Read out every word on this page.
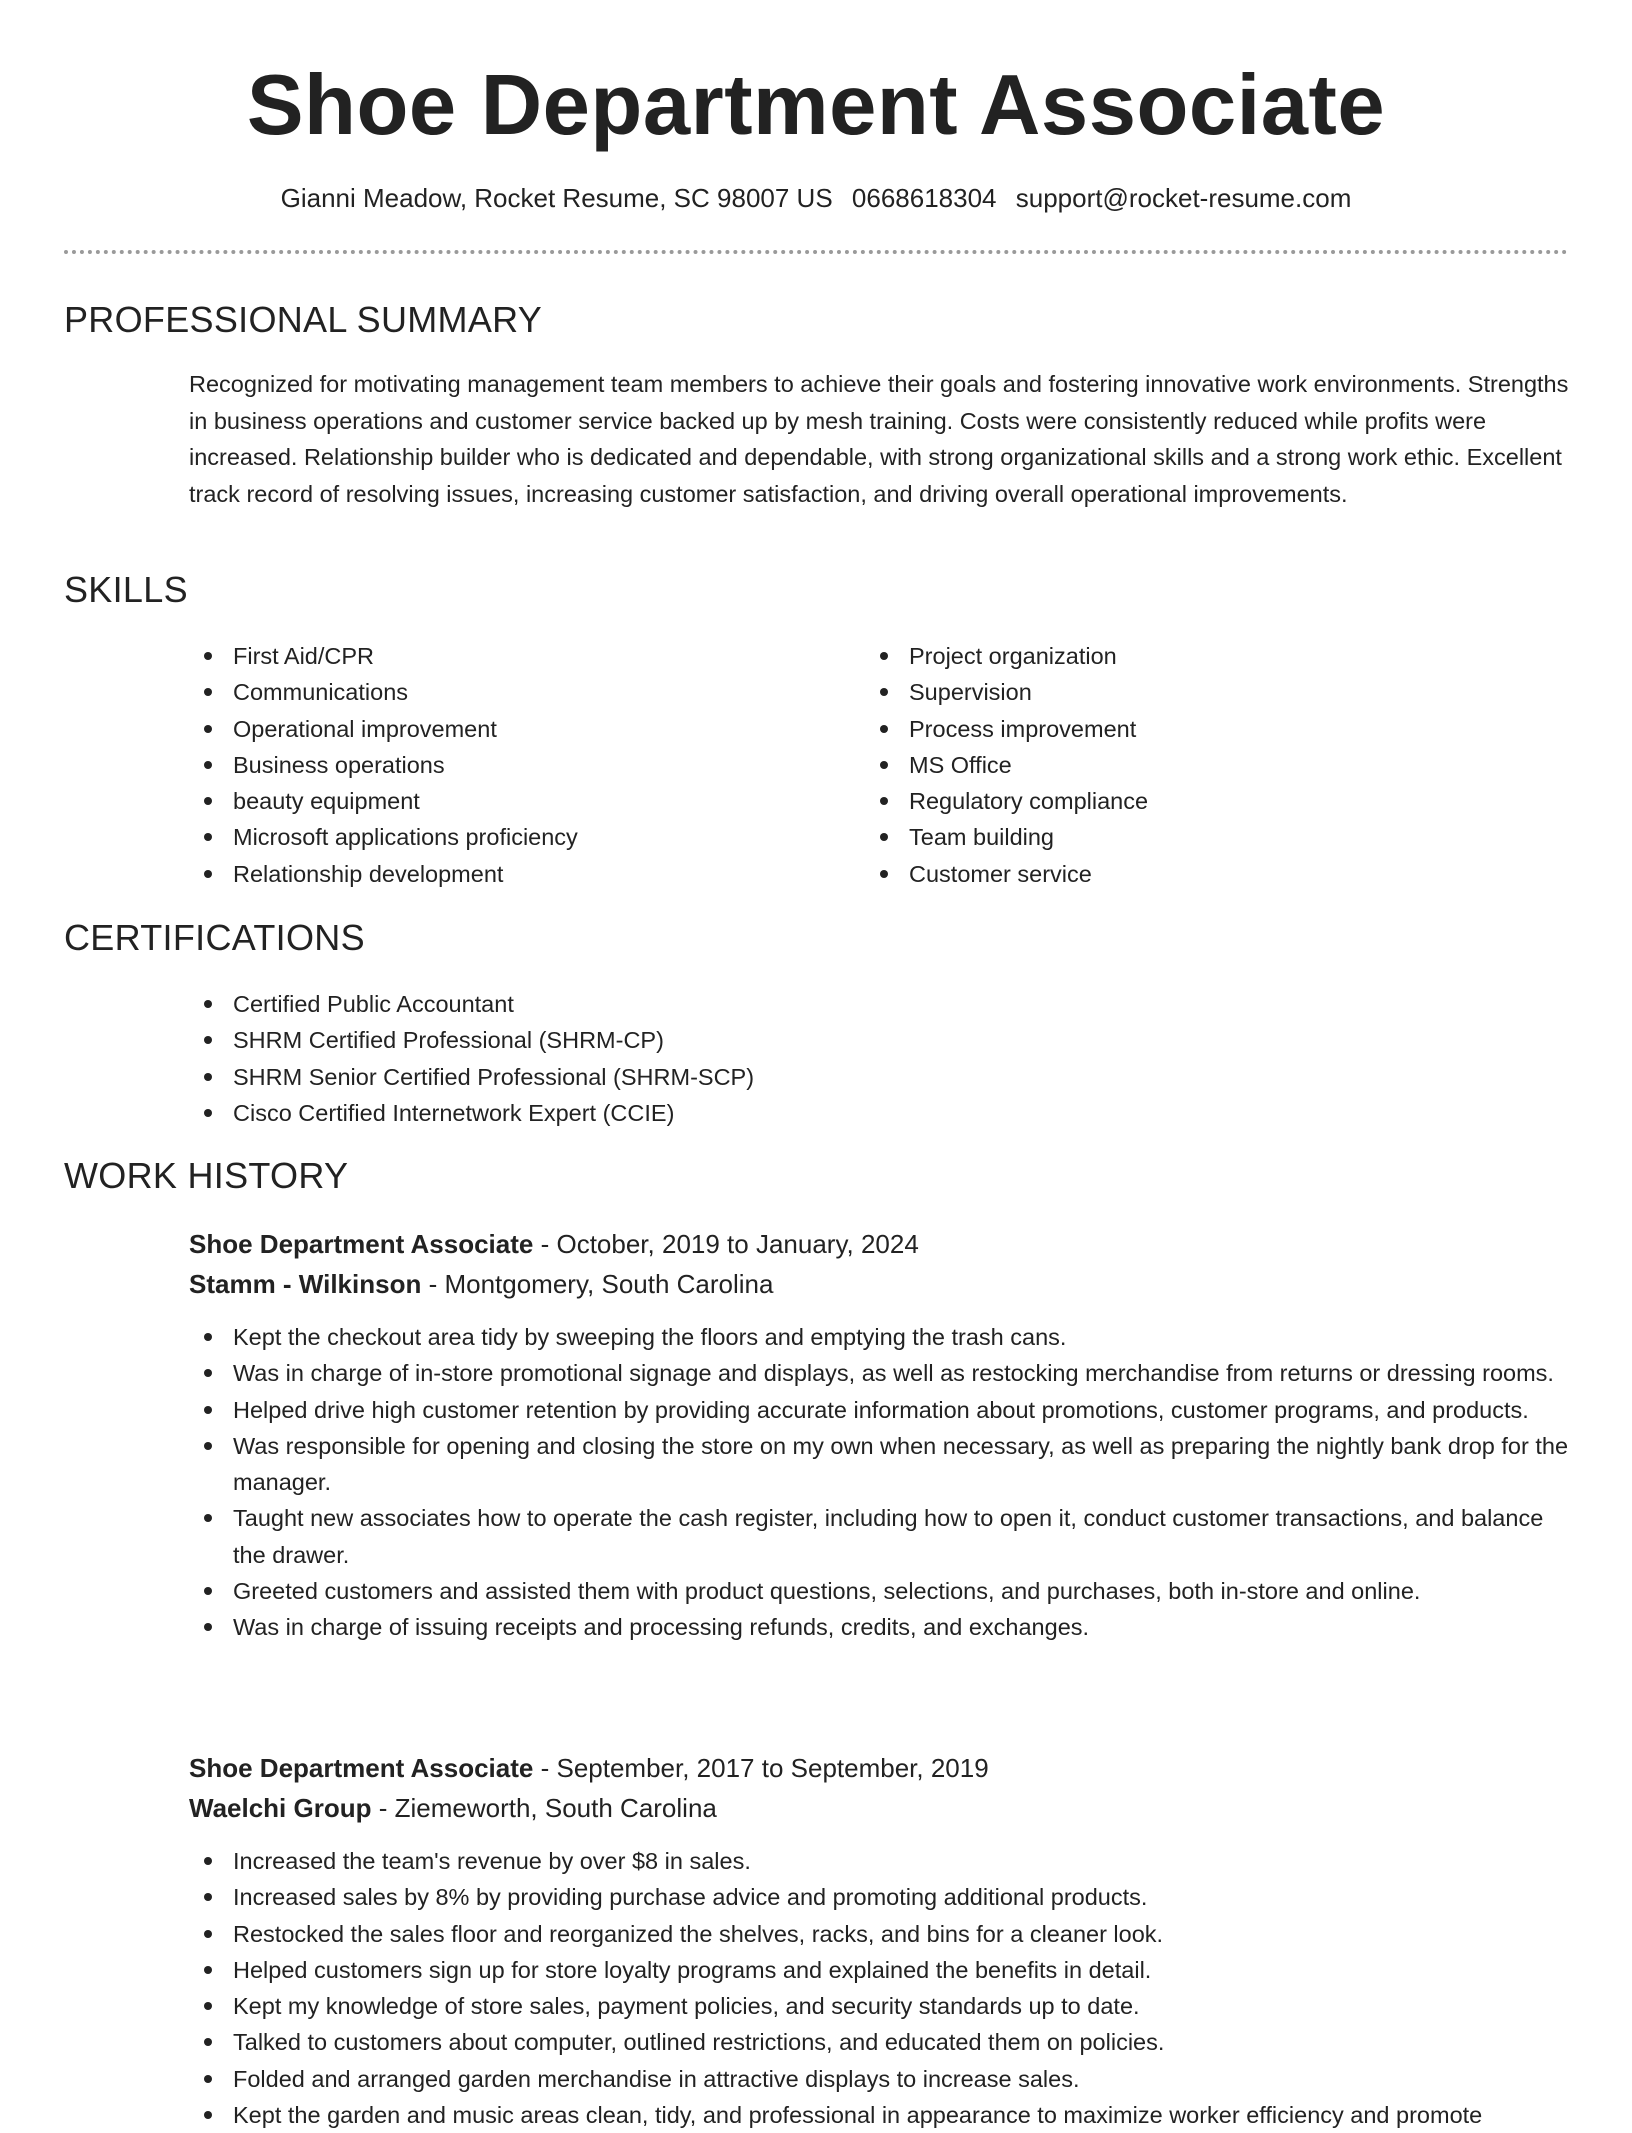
Shoe Department Associate
Gianni Meadow, Rocket Resume, SC 98007 US 0668618304 support@rocket-resume.com
PROFESSIONAL SUMMARY

Recognized for motivating management team members to achieve their goals and fostering innovative work environments. Strengths in business operations and customer service backed up by mesh training. Costs were consistently reduced while profits were increased. Relationship builder who is dedicated and dependable, with strong organizational skills and a strong work ethic. Excellent track record of resolving issues, increasing customer satisfaction, and driving overall operational improvements.

SKILLS
First Aid/CPR
Communications
Operational improvement
Business operations
beauty equipment
Microsoft applications proficiency
Relationship development
Project organization
Supervision
Process improvement
MS Office
Regulatory compliance
Team building
Customer service
CERTIFICATIONS
Certified Public Accountant
SHRM Certified Professional (SHRM-CP)
SHRM Senior Certified Professional (SHRM-SCP)
Cisco Certified Internetwork Expert (CCIE)
WORK HISTORY
Shoe Department Associate - October, 2019 to January, 2024
Stamm - Wilkinson - Montgomery, South Carolina
Kept the checkout area tidy by sweeping the floors and emptying the trash cans.
Was in charge of in-store promotional signage and displays, as well as restocking merchandise from returns or dressing rooms.
Helped drive high customer retention by providing accurate information about promotions, customer programs, and products.
Was responsible for opening and closing the store on my own when necessary, as well as preparing the nightly bank drop for the manager.
Taught new associates how to operate the cash register, including how to open it, conduct customer transactions, and balance the drawer.
Greeted customers and assisted them with product questions, selections, and purchases, both in-store and online.
Was in charge of issuing receipts and processing refunds, credits, and exchanges.
Shoe Department Associate - September, 2017 to September, 2019
Waelchi Group - Ziemeworth, South Carolina
Increased the team's revenue by over $8 in sales.
Increased sales by 8% by providing purchase advice and promoting additional products.
Restocked the sales floor and reorganized the shelves, racks, and bins for a cleaner look.
Helped customers sign up for store loyalty programs and explained the benefits in detail.
Kept my knowledge of store sales, payment policies, and security standards up to date.
Talked to customers about computer, outlined restrictions, and educated them on policies.
Folded and arranged garden merchandise in attractive displays to increase sales.
Kept the garden and music areas clean, tidy, and professional in appearance to maximize worker efficiency and promote
